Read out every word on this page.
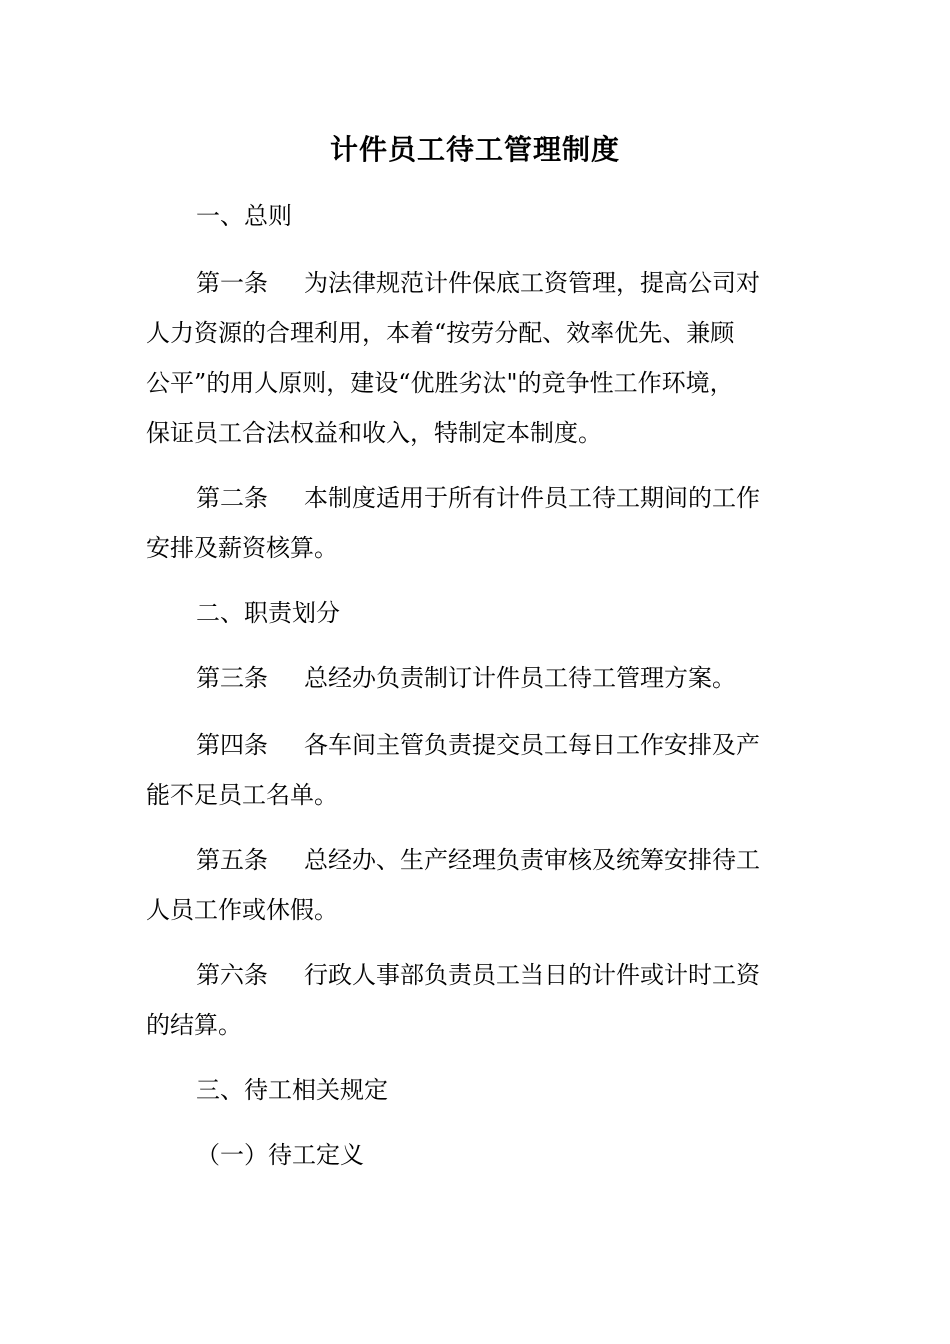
计件员工待工管理制度
一、总则
第一条 为法律规范计件保底工资管理，提高公司对
人力资源的合理利用，本着“按劳分配、效率优先、兼顾
公平”的用人原则，建设“优胜劣汰"的竞争性工作环境，
保证员工合法权益和收入，特制定本制度。
第二条 本制度适用于所有计件员工待工期间的工作
安排及薪资核算。
二、职责划分
第三条 总经办负责制订计件员工待工管理方案。
第四条 各车间主管负责提交员工每日工作安排及产
能不足员工名单。
第五条 总经办、生产经理负责审核及统筹安排待工
人员工作或休假。
第六条 行政人事部负责员工当日的计件或计时工资
的结算。
三、待工相关规定
（一）待工定义
